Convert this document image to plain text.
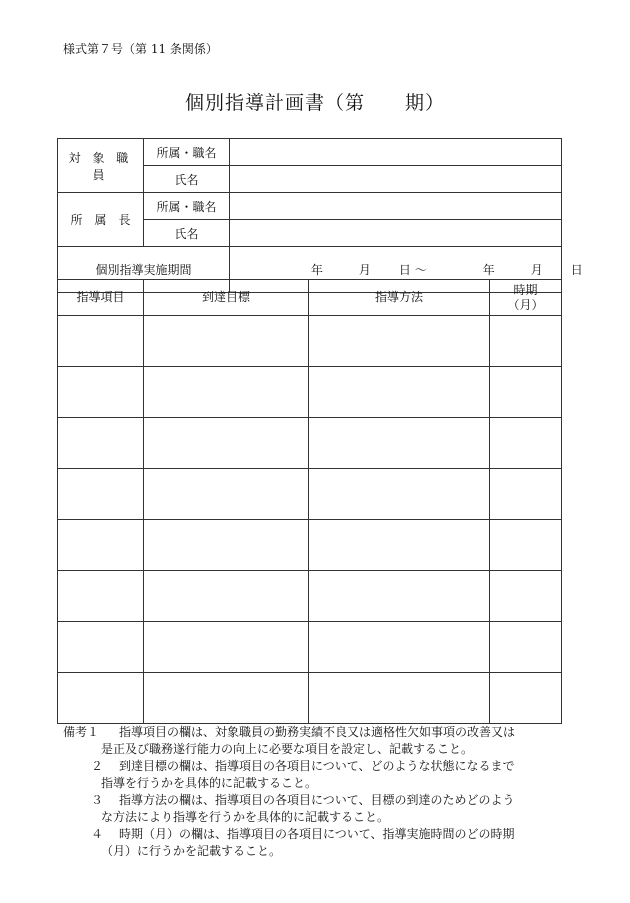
様式第７号（第 11 条関係）
個別指導計画書（第　　 期）
対 象 職 員	所属・職名	
	氏名	
所　属　長	所属・職名	
	氏名	
個別指導実施期間		年 月 日 〜 年 月 日

指導項目	到達目標	指導方法	時期
（月）

備考１	指導項目の欄は、対象職員の勤務実績不良又は適格性欠如事項の改善又は
是正及び職務遂行能力の向上に必要な項目を設定し、記載すること。
２	到達目標の欄は、指導項目の各項目について、どのような状態になるまで
指導を行うかを具体的に記載すること。
３	指導方法の欄は、指導項目の各項目について、目標の到達のためどのよう
な方法により指導を行うかを具体的に記載すること。
４	時期（月）の欄は、指導項目の各項目について、指導実施時間のどの時期
（月）に行うかを記載すること。
